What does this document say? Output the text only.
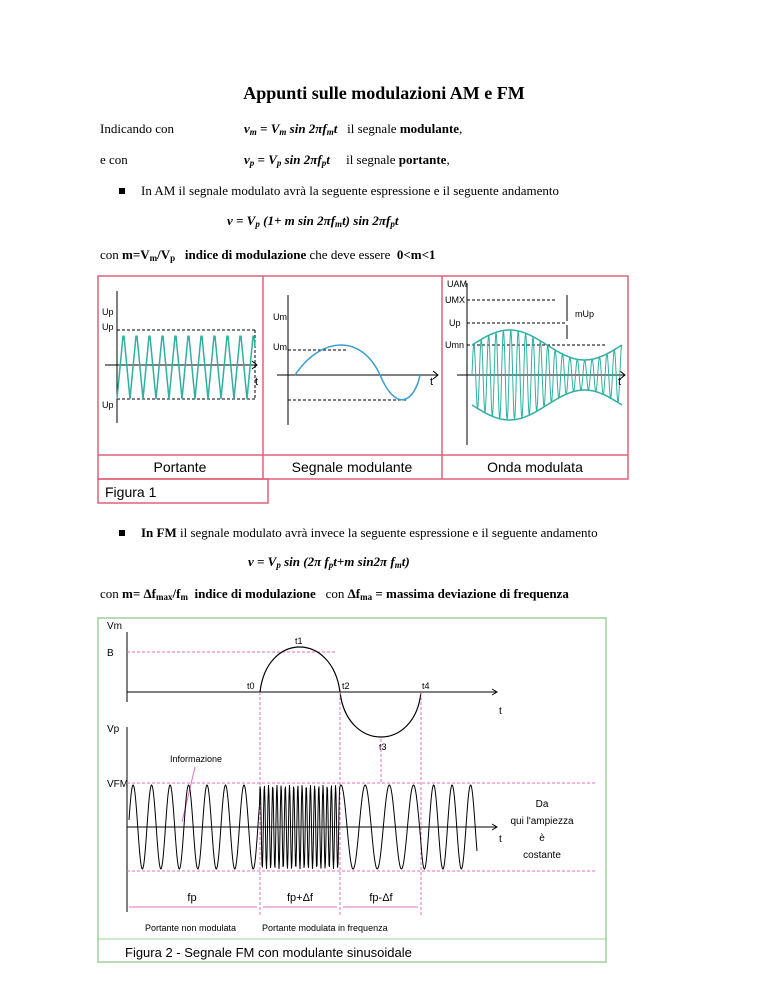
Appunti sulle modulazioni AM e FM
Indicando con	$v_m = V_m$ $\sin 2\pi f_mt$   il segnale modulante,
e con	$v_p = V_p$ $\sin 2\pi f_pt$     il segnale portante,
In AM il segnale modulato avrà la seguente espressione e il seguente andamento
$v = V_p$ (1+ m $\sin 2\pi f_mt$) $\sin 2\pi f_pt$
con $m=V_m/V_p$   indice di modulazione che deve essere  0<m<1
Up
Up
Up
t
Um
Um
t
UAM
UMX
Up
Umn
mUp
t
Portante	Segnale modulante	Onda modulata
Figura 1
In FM il segnale modulato avrà invece la seguente espressione e il seguente andamento
$v = V_p$ sin (2π $f_pt+m$ sin2π $f_mt$)
con $m= \Delta f_{max}/f_m$  indice di modulazione   con $\Delta f_{ma}$ = massima deviazione di frequenza
Vm
B
t0
t1
t2
t3
t4
t
Vp
VFM
Informazione
t
Da
qui l'ampiezza
è
costante
fp	fp+Δf	fp-Δf
Portante non modulata	Portante modulata in frequenza
Figura 2 - Segnale FM con modulante sinusoidale
